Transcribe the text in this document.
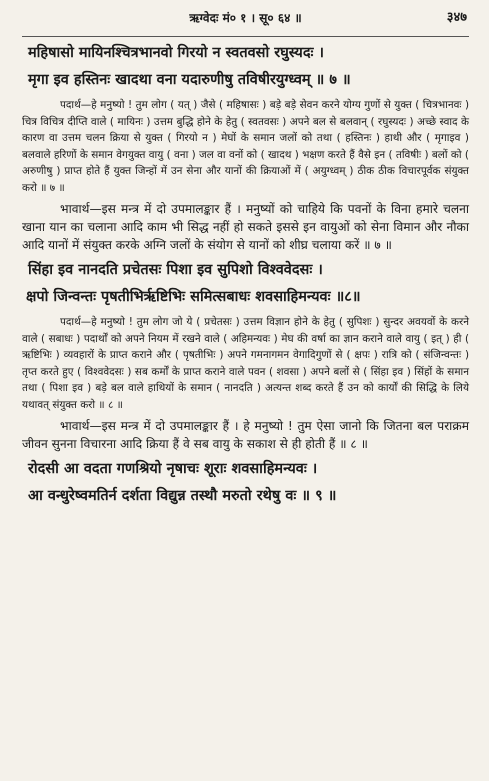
ऋग्वेदः मं० १ । सू० ६४ ॥	३४७
महिषासो मायिनश्चित्रभानवो गिरयो न स्वतवसो रघुस्यदः ।
मृगा इव हस्तिनः खादथा वना यदारुणीषु तविषीरयुग्ध्वम् ॥ ७ ॥
पदार्थ—हे मनुष्यो ! तुम लोग ( यत् ) जैसे ( महिषासः ) बड़े बड़े सेवन करने योग्य गुणों से युक्त ( चित्रभानवः ) चित्र विचित्र दीप्ति वाले ( मायिनः ) उत्तम बुद्धि होने के हेतु ( स्वतवसः ) अपने बल से बलवान् ( रघुस्यदः ) अच्छे स्वाद के कारण वा उत्तम चलन क्रिया से युक्त ( गिरयो न ) मेघों के समान जलों को तथा ( हस्तिनः ) हाथी और ( मृगाइव ) बलवाले हरिणों के समान वेगयुक्त वायु ( वना ) जल वा वनों को ( खादथ ) भक्षण करते हैं वैसे इन ( तविषीः ) बलों को ( अरुणीषु ) प्राप्त होते हैं युक्त जिन्हों में उन सेना और यानों की क्रियाओं में ( अयुग्ध्वम् ) ठीक ठीक विचारपूर्वक संयुक्त करो ॥ ७ ॥
भावार्थ—इस मन्त्र में दो उपमालङ्कार हैं । मनुष्यों को चाहिये कि पवनों के विना हमारे चलना खाना यान का चलाना आदि काम भी सिद्ध नहीं हो सकते इससे इन वायुओं को सेना विमान और नौका आदि यानों में संयुक्त करके अग्नि जलों के संयोग से यानों को शीघ्र चलाया करें ॥ ७ ॥
सिंहा इव नानदति प्रचेतसः पिशा इव सुपिशो विश्ववेदसः ।
क्षपो जिन्वन्तः पृषतीभिर्ऋष्टिभिः समित्सबाधः शवसाहिमन्यवः ॥८॥
पदार्थ—हे मनुष्यो ! तुम लोग जो ये ( प्रचेतसः ) उत्तम विज्ञान होने के हेतु ( सुपिशः ) सुन्दर अवयवों के करने वाले ( सबाधः ) पदार्थों को अपने नियम में रखने वाले ( अहिमन्यवः ) मेघ की वर्षा का ज्ञान कराने वाले वायु ( इत् ) ही ( ऋष्टिभिः ) व्यवहारों के प्राप्त कराने और ( पृषतीभिः ) अपने गमनागमन वेगादिगुणों से ( क्षपः ) रात्रि को ( संजिन्वन्तः ) तृप्त करते हुए ( विश्ववेदसः ) सब कर्मों के प्राप्त कराने वाले पवन ( शवसा ) अपने बलों से ( सिंहा इव ) सिंहों के समान तथा ( पिशा इव ) बड़े बल वाले हाथियों के समान ( नानदति ) अत्यन्त शब्द करते हैं उन को कार्यों की सिद्धि के लिये यथावत् संयुक्त करो ॥ ८ ॥
भावार्थ—इस मन्त्र में दो उपमालङ्कार हैं । हे मनुष्यो ! तुम ऐसा जानो कि जितना बल पराक्रम जीवन सुनना विचारना आदि क्रिया हैं वे सब वायु के सकाश से ही होती हैं ॥ ८ ॥
रोदसी आ वदता गणश्रियो नृषाचः शूराः शवसाहिमन्यवः ।
आ वन्धुरेष्वमतिर्न दर्शता विद्युन्न तस्थौ मरुतो रथेषु वः ॥ ९ ॥
